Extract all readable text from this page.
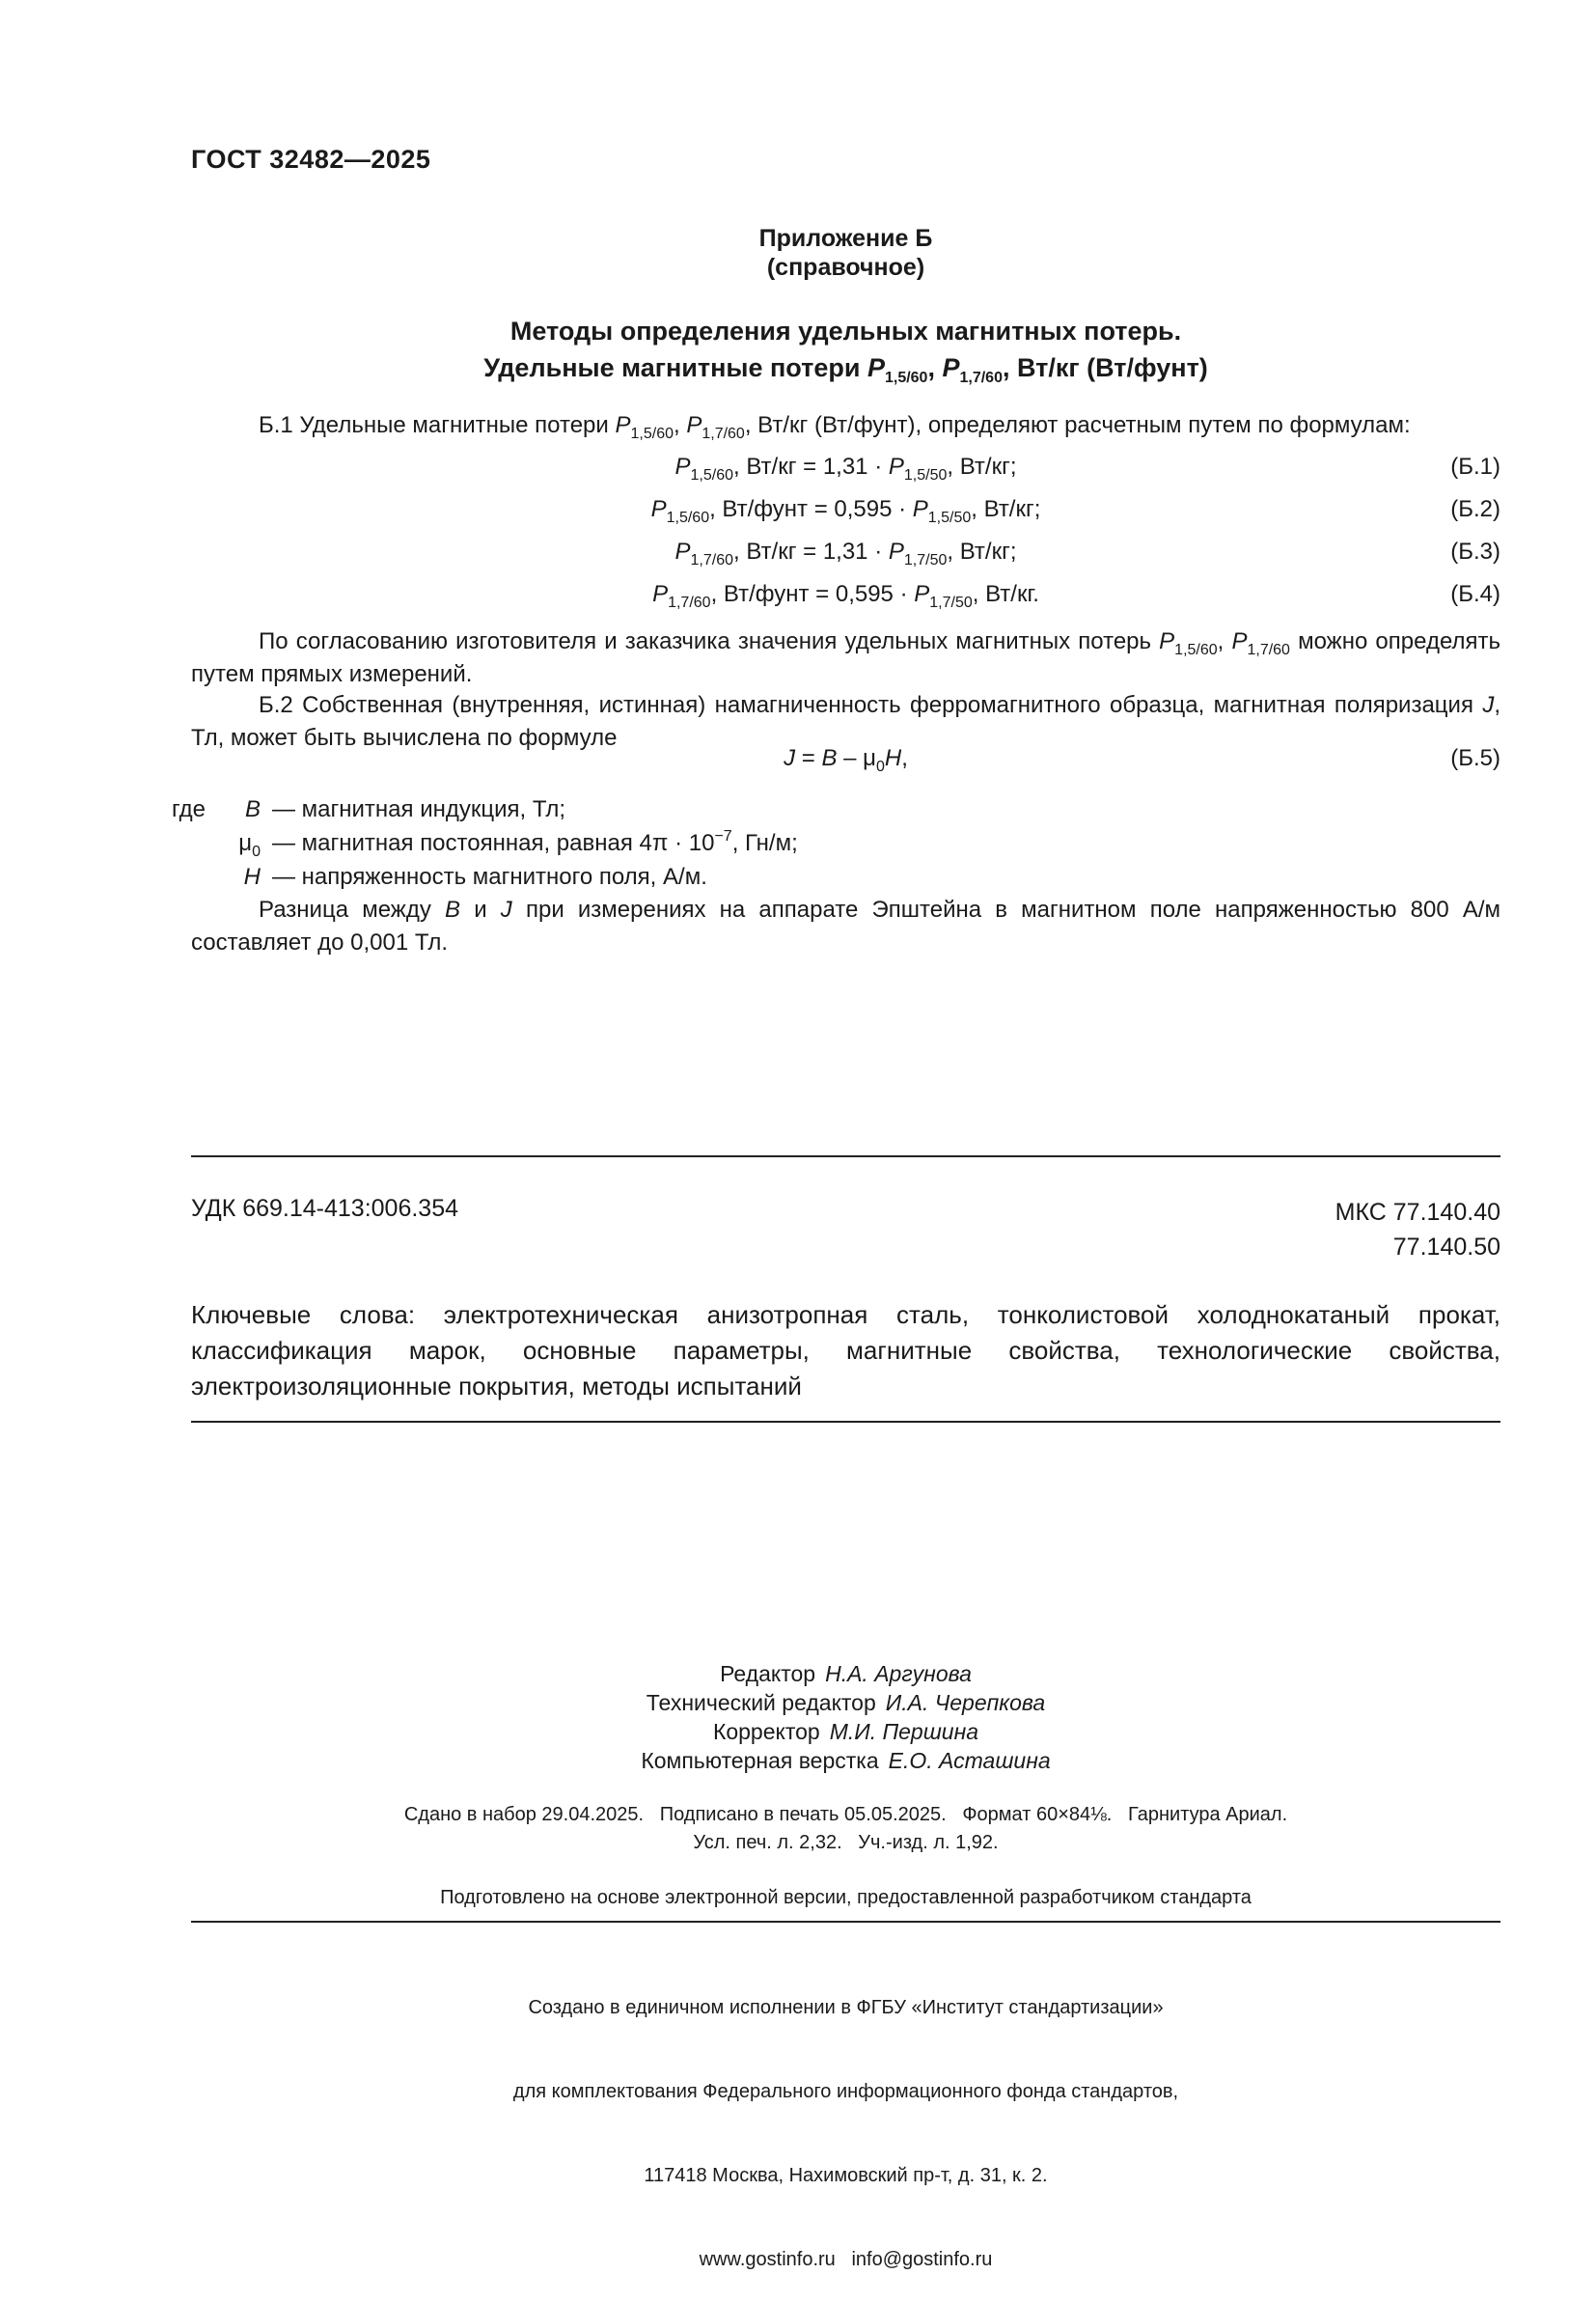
ГОСТ 32482—2025
Приложение Б
(справочное)
Методы определения удельных магнитных потерь.
Удельные магнитные потери $P_{1,5/60}$, $P_{1,7/60}$, Вт/кг (Вт/фунт)
Б.1 Удельные магнитные потери $P_{1,5/60}$, $P_{1,7/60}$, Вт/кг (Вт/фунт), определяют расчетным путем по формулам:
$P_{1,5/60}$, $Вт/кг = 1,31 \cdot P_{1,5/50}$, Вт/кг;	(Б.1)
$P_{1,5/60}$, Вт/фунт = $0,595 \cdot P_{1,5/50}$, Вт/кг;	(Б.2)
$P_{1,7/60}$, $Вт/кг = 1,31 \cdot P_{1,7/50}$, Вт/кг;	(Б.3)
$P_{1,7/60}$, Вт/фунт = $0,595 \cdot P_{1,7/50}$, Вт/кг.	(Б.4)
По согласованию изготовителя и заказчика значения удельных магнитных потерь $P_{1,5/60}$, $P_{1,7/60}$ можно определять путем прямых измерений.
Б.2 Собственная (внутренняя, истинная) намагниченность ферромагнитного образца, магнитная поляризация J, Тл, может быть вычислена по формуле
$J = B - \mu_0H$,	(Б.5)
где	B — магнитная индукция, Тл;
$\mu_0$ — магнитная постоянная, равная $4\pi \cdot 10^{-7}$, Гн/м;
H — напряженность магнитного поля, А/м.
Разница между B и J при измерениях на аппарате Эпштейна в магнитном поле напряженностью 800 А/м составляет до 0,001 Тл.
УДК 669.14-413:006.354	МКС 77.140.40
77.140.50
Ключевые слова: электротехническая анизотропная сталь, тонколистовой холоднокатаный прокат, классификация марок, основные параметры, магнитные свойства, технологические свойства, электроизоляционные покрытия, методы испытаний
Редактор Н.А. Аргунова
Технический редактор И.А. Черепкова
Корректор М.И. Першина
Компьютерная верстка Е.О. Асташина
Сдано в набор 29.04.2025.   Подписано в печать 05.05.2025.   Формат 60×84⅛.   Гарнитура Ариал.
Усл. печ. л. 2,32.   Уч.-изд. л. 1,92.
Подготовлено на основе электронной версии, предоставленной разработчиком стандарта

Создано в единичном исполнении в ФГБУ «Институт стандартизации»

для комплектования Федерального информационного фонда стандартов,

117418 Москва, Нахимовский пр-т, д. 31, к. 2.

www.gostinfo.ru   info@gostinfo.ru
